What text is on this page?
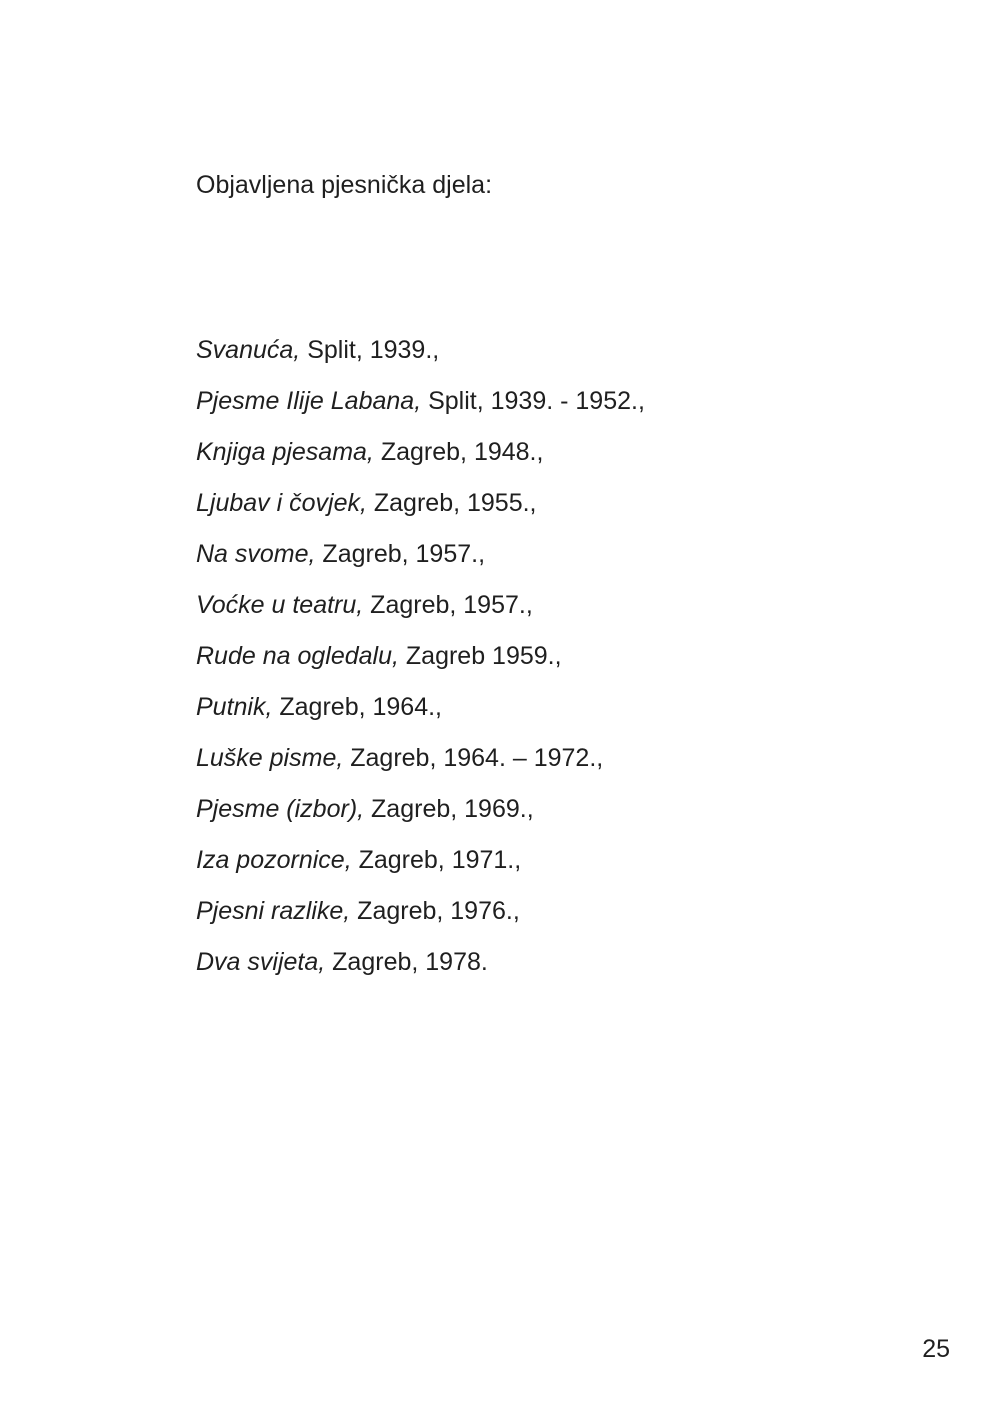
Objavljena pjesnička djela:

Svanuća, Split, 1939.,
Pjesme Ilije Labana, Split, 1939. - 1952.,
Knjiga pjesama, Zagreb, 1948.,
Ljubav i čovjek, Zagreb, 1955.,
Na svome, Zagreb, 1957.,
Voćke u teatru, Zagreb, 1957.,
Rude na ogledalu, Zagreb 1959.,
Putnik, Zagreb, 1964.,
Luške pisme, Zagreb, 1964. – 1972.,
Pjesme (izbor), Zagreb, 1969.,
Iza pozornice, Zagreb, 1971.,
Pjesni razlike, Zagreb, 1976.,
Dva svijeta, Zagreb, 1978.
25
